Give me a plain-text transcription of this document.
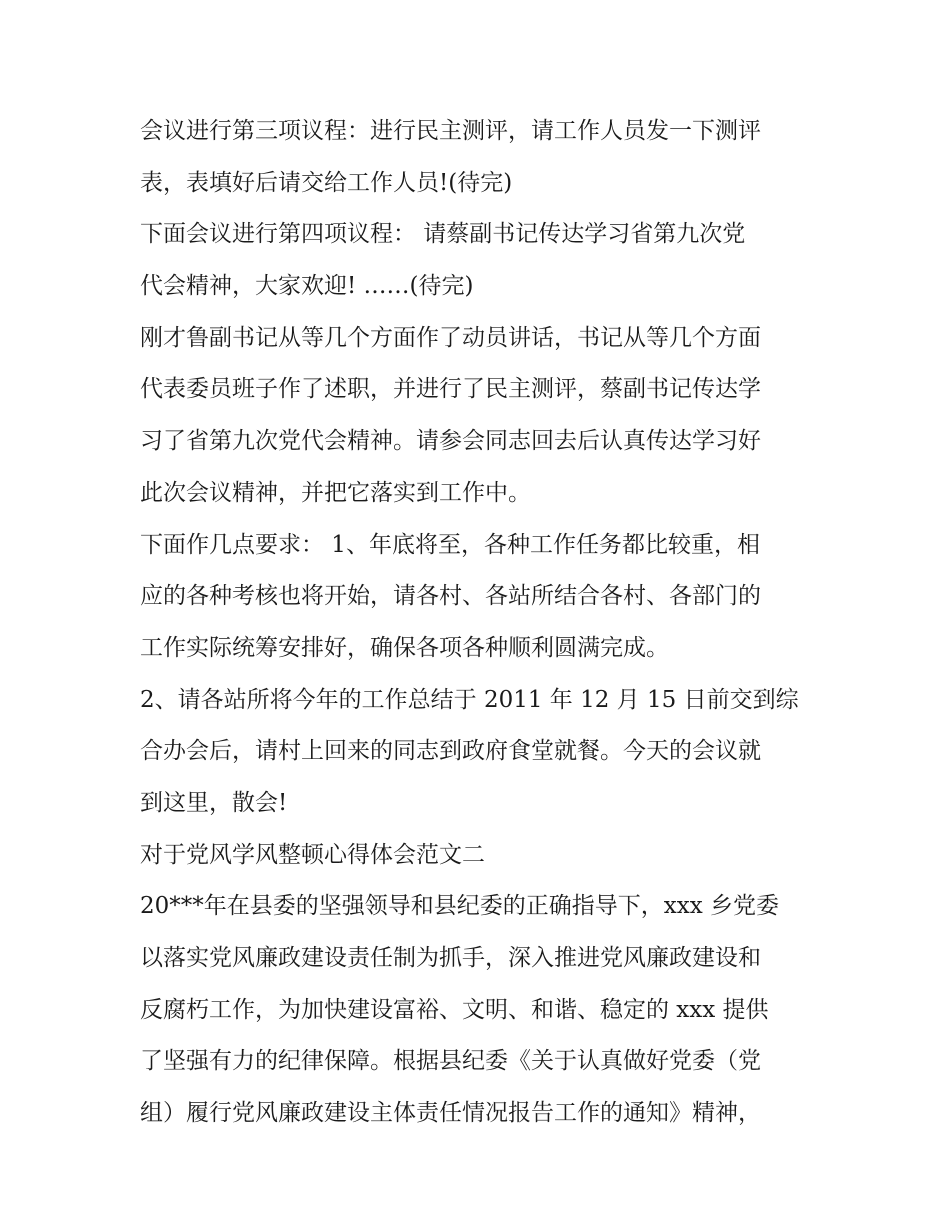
会议进行第三项议程：进行民主测评，请工作人员发一下测评
表，表填好后请交给工作人员!(待完)
下面会议进行第四项议程： 请蔡副书记传达学习省第九次党
代会精神，大家欢迎! ……(待完)
刚才鲁副书记从等几个方面作了动员讲话，书记从等几个方面
代表委员班子作了述职，并进行了民主测评，蔡副书记传达学
习了省第九次党代会精神。请参会同志回去后认真传达学习好
此次会议精神，并把它落实到工作中。
下面作几点要求： 1、年底将至，各种工作任务都比较重，相
应的各种考核也将开始，请各村、各站所结合各村、各部门的
工作实际统筹安排好，确保各项各种顺利圆满完成。
2、请各站所将今年的工作总结于 2011 年 12 月 15 日前交到综
合办会后，请村上回来的同志到政府食堂就餐。今天的会议就
到这里，散会!
对于党风学风整顿心得体会范文二
20***年在县委的坚强领导和县纪委的正确指导下，xxx 乡党委
以落实党风廉政建设责任制为抓手，深入推进党风廉政建设和
反腐朽工作，为加快建设富裕、文明、和谐、稳定的 xxx 提供
了坚强有力的纪律保障。根据县纪委《关于认真做好党委（党
组）履行党风廉政建设主体责任情况报告工作的通知》精神，
